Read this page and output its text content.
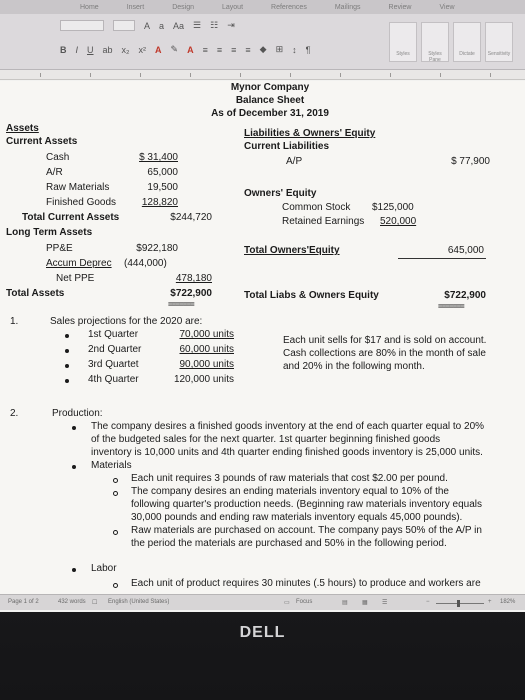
Home	Insert	Design	Layout	References	Mailings	Review	View
A a Aa ☰ ☷ ⇥
B I U ab x₂ x² A ✎ A ≡ ≡ ≡ ≡ ◆ ⊞ ↕ ¶	Styles	Styles Pane
Dictate	Sensitivity
Mynor Company
Balance Sheet
As of December 31, 2019
Assets
Current Assets
Cash	$ 31,400
A/R	65,000
Raw Materials	19,500
Finished Goods	128,820
Total Current Assets	$244,720
Long Term Assets
PP&E	$922,180
Accum Deprec (444,000)
Net PPE	478,180
Total Assets	$722,900
=======
Liabilities & Owners' Equity
Current Liabilities
A/P	$ 77,900
Owners' Equity
Common Stock $125,000
Retained Earnings 520,000
Total Owners'Equity	645,000
Total Liabs & Owners Equity	$722,900
=======
1.	Sales projections for the 2020 are:
1st Quarter	70,000 units
2nd Quarter	60,000 units
3rd Quartet	90,000 units
4th Quarter	120,000 units
Each unit sells for $17 and is sold on account.
Cash collections are 80% in the month of sale
and 20% in the following month.
2.	Production:
The company desires a finished goods inventory at the end of each quarter equal to 20%
of the budgeted sales for the next quarter. 1st quarter beginning finished goods
inventory is 10,000 units and 4th quarter ending finished goods inventory is 25,000 units.
Materials
Each unit requires 3 pounds of raw materials that cost $2.00 per pound.
The company desires an ending materials inventory equal to 10% of the
following quarter's production needs. (Beginning raw materials inventory equals
30,000 pounds and ending raw materials inventory equals 45,000 pounds).
Raw materials are purchased on account. The company pays 50% of the A/P in
the period the materials are purchased and 50% in the following period.
Labor
Each unit of product requires 30 minutes (.5 hours) to produce and workers are
Page 1 of 2	432 words ☐ English (United States)	▭ Focus	▤ ▦ ☰	−	+ 182%
DELL
